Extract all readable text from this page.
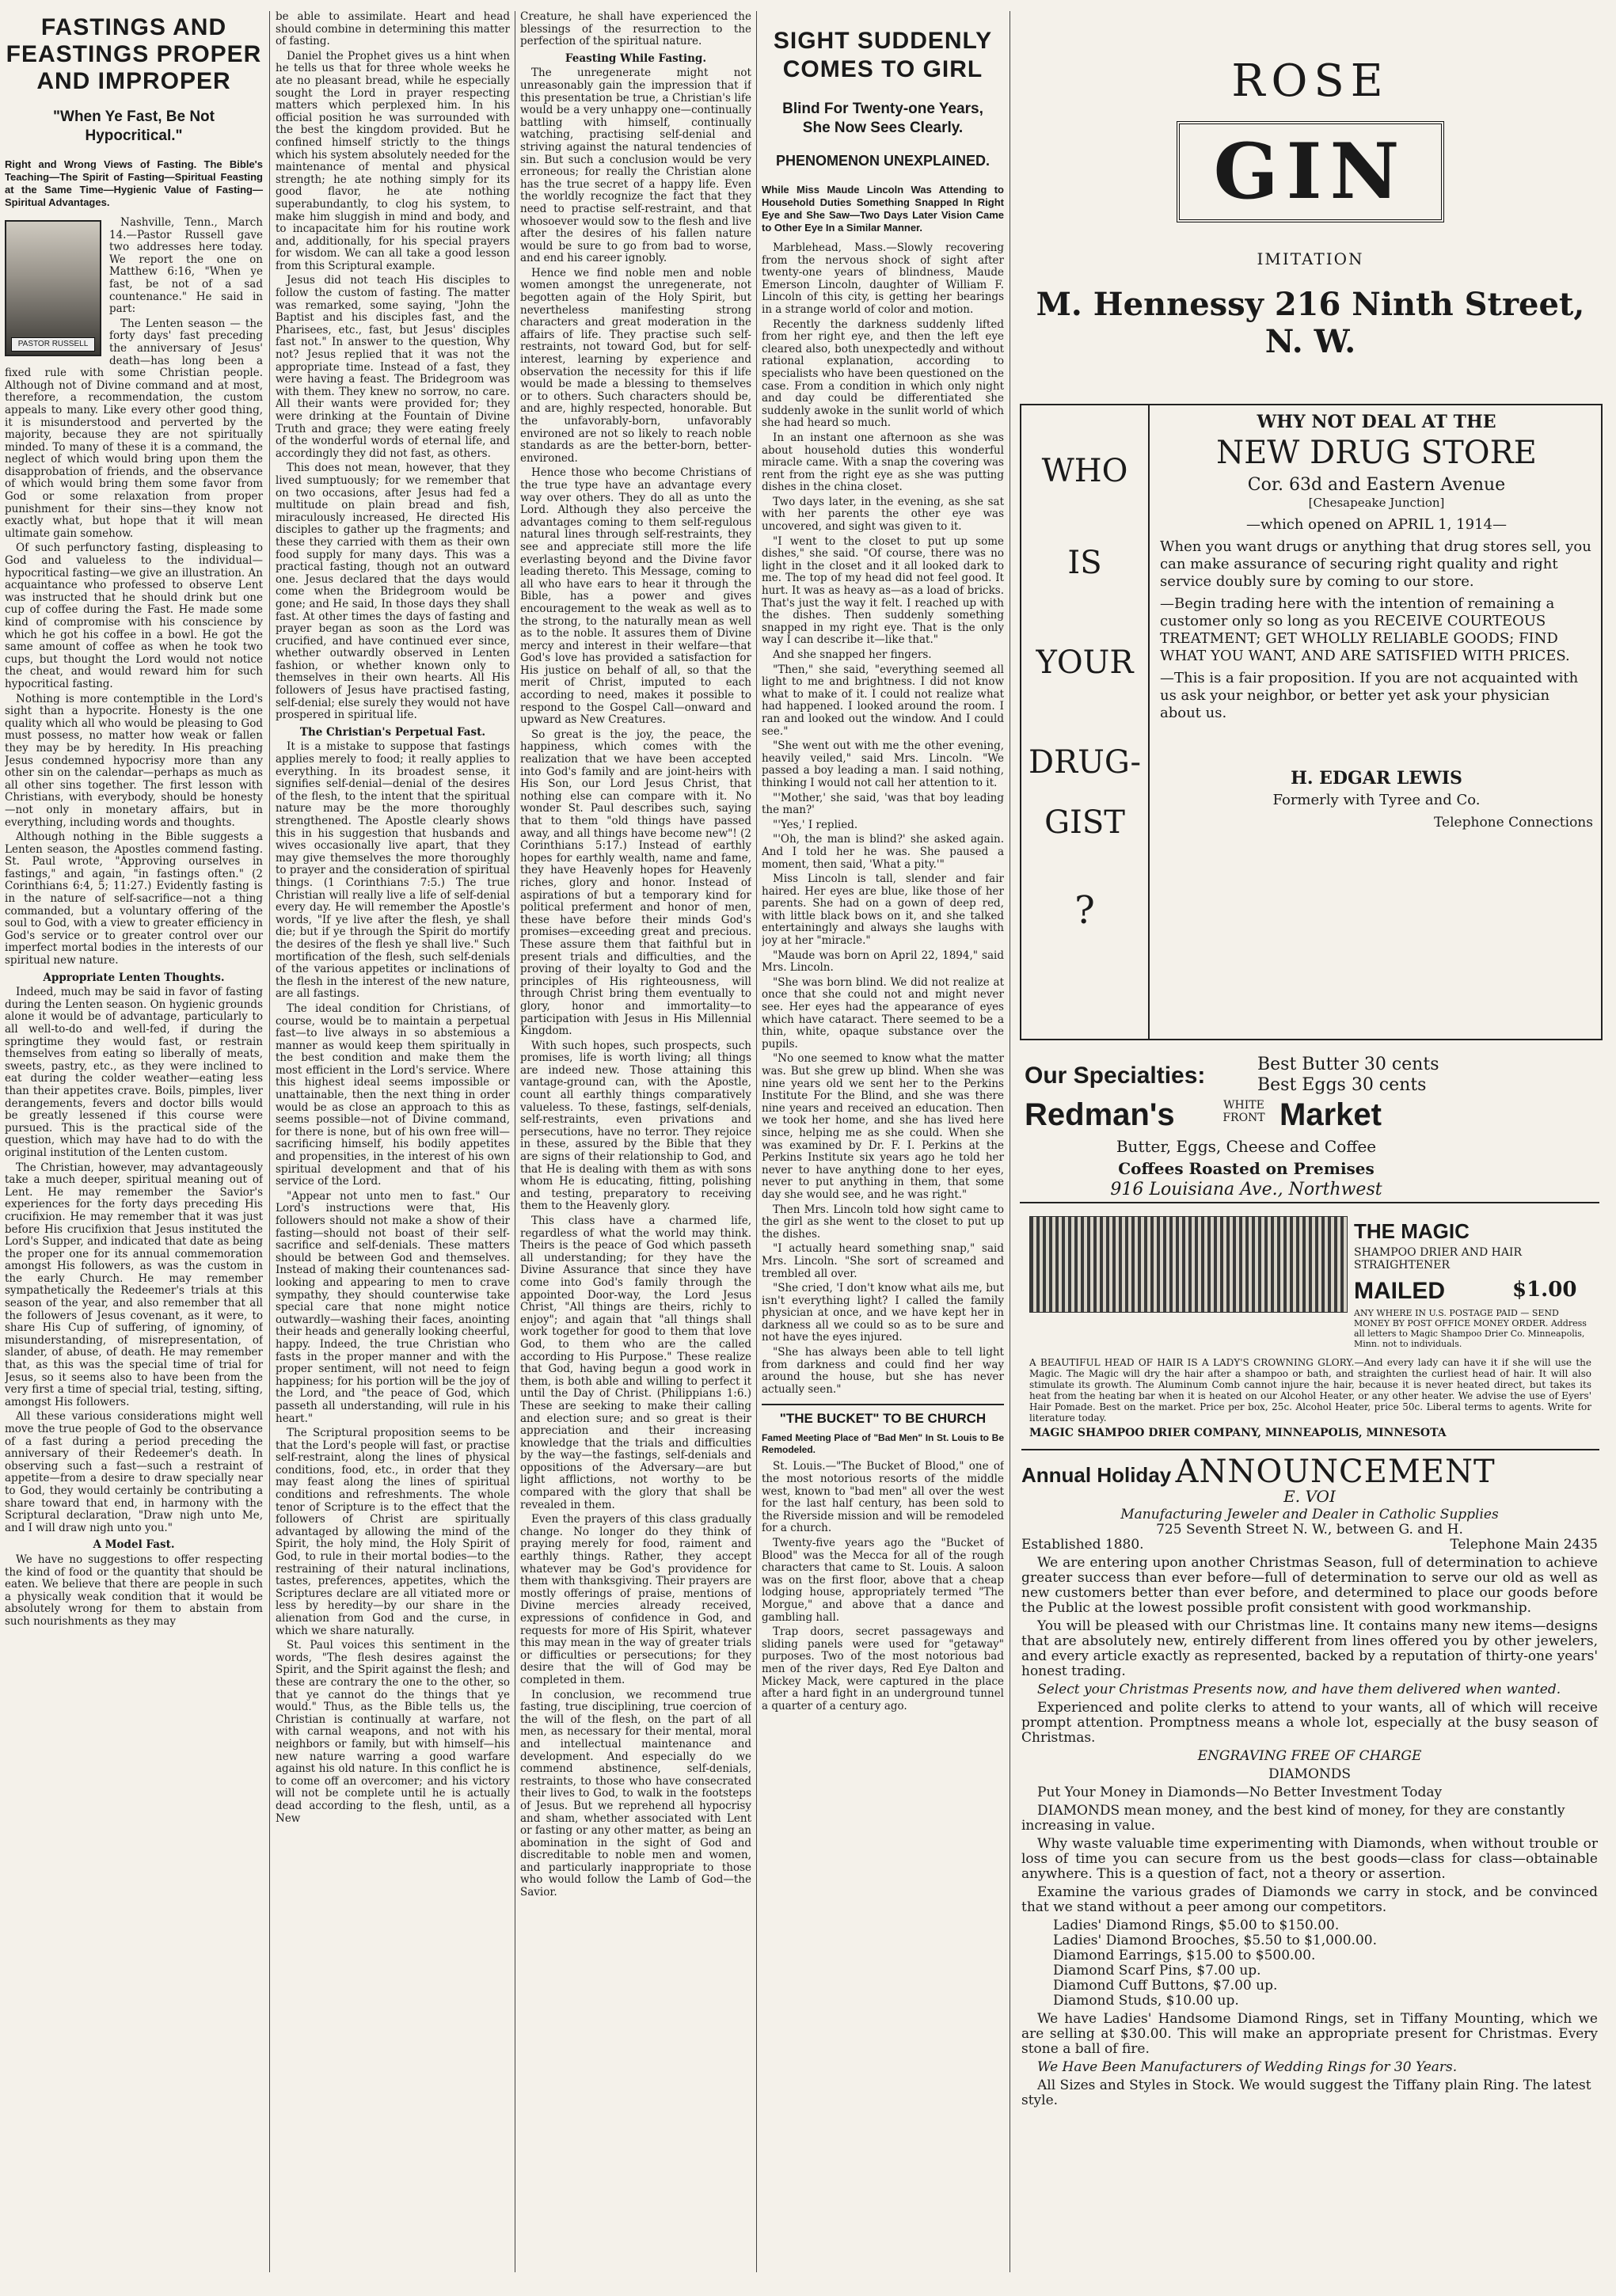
FASTINGS AND FEASTINGS PROPER AND IMPROPER
"When Ye Fast, Be Not Hypocritical."
Right and Wrong Views of Fasting. The Bible's Teaching—The Spirit of Fasting—Spiritual Feasting at the Same Time—Hygienic Value of Fasting—Spiritual Advantages.
PASTOR RUSSELL

Nashville, Tenn., March 14.—Pastor Russell gave two addresses here today. We report the one on Matthew 6:16, "When ye fast, be not of a sad countenance." He said in part:

The Lenten season — the forty days' fast preceding the anniversary of Jesus' death—has long been a fixed rule with some Christian people. Although not of Divine command and at most, therefore, a recommendation, the custom appeals to many. Like every other good thing, it is misunderstood and perverted by the majority, because they are not spiritually minded. To many of these it is a command, the neglect of which would bring upon them the disapprobation of friends, and the observance of which would bring them some favor from God or some relaxation from proper punishment for their sins—they know not exactly what, but hope that it will mean ultimate gain somehow.

Of such perfunctory fasting, displeasing to God and valueless to the individual—hypocritical fasting—we give an illustration. An acquaintance who professed to observe Lent was instructed that he should drink but one cup of coffee during the Fast. He made some kind of compromise with his conscience by which he got his coffee in a bowl. He got the same amount of coffee as when he took two cups, but thought the Lord would not notice the cheat, and would reward him for such hypocritical fasting.

Nothing is more contemptible in the Lord's sight than a hypocrite. Honesty is the one quality which all who would be pleasing to God must possess, no matter how weak or fallen they may be by heredity. In His preaching Jesus condemned hypocrisy more than any other sin on the calendar—perhaps as much as all other sins together. The first lesson with Christians, with everybody, should be honesty—not only in monetary affairs, but in everything, including words and thoughts.

Although nothing in the Bible suggests a Lenten season, the Apostles commend fasting. St. Paul wrote, "Approving ourselves in fastings," and again, "in fastings often." (2 Corinthians 6:4, 5; 11:27.) Evidently fasting is in the nature of self-sacrifice—not a thing commanded, but a voluntary offering of the soul to God, with a view to greater efficiency in God's service or to greater control over our imperfect mortal bodies in the interests of our spiritual new nature.

Appropriate Lenten Thoughts.

Indeed, much may be said in favor of fasting during the Lenten season. On hygienic grounds alone it would be of advantage, particularly to all well-to-do and well-fed, if during the springtime they would fast, or restrain themselves from eating so liberally of meats, sweets, pastry, etc., as they were inclined to eat during the colder weather—eating less than their appetites crave. Boils, pimples, liver derangements, fevers and doctor bills would be greatly lessened if this course were pursued. This is the practical side of the question, which may have had to do with the original institution of the Lenten custom.

The Christian, however, may advantageously take a much deeper, spiritual meaning out of Lent. He may remember the Savior's experiences for the forty days preceding His crucifixion. He may remember that it was just before His crucifixion that Jesus instituted the Lord's Supper, and indicated that date as being the proper one for its annual commemoration amongst His followers, as was the custom in the early Church. He may remember sympathetically the Redeemer's trials at this season of the year, and also remember that all the followers of Jesus covenant, as it were, to share His Cup of suffering, of ignominy, of misunderstanding, of misrepresentation, of slander, of abuse, of death. He may remember that, as this was the special time of trial for Jesus, so it seems also to have been from the very first a time of special trial, testing, sifting, amongst His followers.

All these various considerations might well move the true people of God to the observance of a fast during a period preceding the anniversary of their Redeemer's death. In observing such a fast—such a restraint of appetite—from a desire to draw specially near to God, they would certainly be contributing a share toward that end, in harmony with the Scriptural declaration, "Draw nigh unto Me, and I will draw nigh unto you."

A Model Fast.

We have no suggestions to offer respecting the kind of food or the quantity that should be eaten. We believe that there are people in such a physically weak condition that it would be absolutely wrong for them to abstain from such nourishments as they may

be able to assimilate. Heart and head should combine in determining this matter of fasting.

Daniel the Prophet gives us a hint when he tells us that for three whole weeks he ate no pleasant bread, while he especially sought the Lord in prayer respecting matters which perplexed him. In his official position he was surrounded with the best the kingdom provided. But he confined himself strictly to the things which his system absolutely needed for the maintenance of mental and physical strength; he ate nothing simply for its good flavor, he ate nothing superabundantly, to clog his system, to make him sluggish in mind and body, and to incapacitate him for his routine work and, additionally, for his special prayers for wisdom. We can all take a good lesson from this Scriptural example.

Jesus did not teach His disciples to follow the custom of fasting. The matter was remarked, some saying, "John the Baptist and his disciples fast, and the Pharisees, etc., fast, but Jesus' disciples fast not." In answer to the question, Why not? Jesus replied that it was not the appropriate time. Instead of a fast, they were having a feast. The Bridegroom was with them. They knew no sorrow, no care. All their wants were provided for; they were drinking at the Fountain of Divine Truth and grace; they were eating freely of the wonderful words of eternal life, and accordingly they did not fast, as others.

This does not mean, however, that they lived sumptuously; for we remember that on two occasions, after Jesus had fed a multitude on plain bread and fish, miraculously increased, He directed His disciples to gather up the fragments; and these they carried with them as their own food supply for many days. This was a practical fasting, though not an outward one. Jesus declared that the days would come when the Bridegroom would be gone; and He said, In those days they shall fast. At other times the days of fasting and prayer began as soon as the Lord was crucified, and have continued ever since, whether outwardly observed in Lenten fashion, or whether known only to themselves in their own hearts. All His followers of Jesus have practised fasting, self-denial; else surely they would not have prospered in spiritual life.

The Christian's Perpetual Fast.

It is a mistake to suppose that fastings applies merely to food; it really applies to everything. In its broadest sense, it signifies self-denial—denial of the desires of the flesh, to the intent that the spiritual nature may be the more thoroughly strengthened. The Apostle clearly shows this in his suggestion that husbands and wives occasionally live apart, that they may give themselves the more thoroughly to prayer and the consideration of spiritual things. (1 Corinthians 7:5.) The true Christian will really live a life of self-denial every day. He will remember the Apostle's words, "If ye live after the flesh, ye shall die; but if ye through the Spirit do mortify the desires of the flesh ye shall live." Such mortification of the flesh, such self-denials of the various appetites or inclinations of the flesh in the interest of the new nature, are all fastings.

The ideal condition for Christians, of course, would be to maintain a perpetual fast—to live always in so abstemious a manner as would keep them spiritually in the best condition and make them the most efficient in the Lord's service. Where this highest ideal seems impossible or unattainable, then the next thing in order would be as close an approach to this as seems possible—not of Divine command, for there is none, but of his own free will—sacrificing himself, his bodily appetites and propensities, in the interest of his own spiritual development and that of his service of the Lord.

"Appear not unto men to fast." Our Lord's instructions were that, His followers should not make a show of their fasting—should not boast of their self-sacrifice and self-denials. These matters should be between God and themselves. Instead of making their countenances sad-looking and appearing to men to crave sympathy, they should counterwise take special care that none might notice outwardly—washing their faces, anointing their heads and generally looking cheerful, happy. Indeed, the true Christian who fasts in the proper manner and with the proper sentiment, will not need to feign happiness; for his portion will be the joy of the Lord, and "the peace of God, which passeth all understanding, will rule in his heart."

The Scriptural proposition seems to be that the Lord's people will fast, or practise self-restraint, along the lines of physical conditions, food, etc., in order that they may feast along the lines of spiritual conditions and refreshments. The whole tenor of Scripture is to the effect that the followers of Christ are spiritually advantaged by allowing the mind of the Spirit, the holy mind, the Holy Spirit of God, to rule in their mortal bodies—to the restraining of their natural inclinations, tastes, preferences, appetites, which the Scriptures declare are all vitiated more or less by heredity—by our share in the alienation from God and the curse, in which we share naturally.

St. Paul voices this sentiment in the words, "The flesh desires against the Spirit, and the Spirit against the flesh; and these are contrary the one to the other, so that ye cannot do the things that ye would." Thus, as the Bible tells us, the Christian is continually at warfare, not with carnal weapons, and not with his neighbors or family, but with himself—his new nature warring a good warfare against his old nature. In this conflict he is to come off an overcomer; and his victory will not be complete until he is actually dead according to the flesh, until, as a New

Creature, he shall have experienced the blessings of the resurrection to the perfection of the spiritual nature.

Feasting While Fasting.

The unregenerate might not unreasonably gain the impression that if this presentation be true, a Christian's life would be a very unhappy one—continually battling with himself, continually watching, practising self-denial and striving against the natural tendencies of sin. But such a conclusion would be very erroneous; for really the Christian alone has the true secret of a happy life. Even the worldly recognize the fact that they need to practise self-restraint, and that whosoever would sow to the flesh and live after the desires of his fallen nature would be sure to go from bad to worse, and end his career ignobly.

Hence we find noble men and noble women amongst the unregenerate, not begotten again of the Holy Spirit, but nevertheless manifesting strong characters and great moderation in the affairs of life. They practise such self-restraints, not toward God, but for self-interest, learning by experience and observation the necessity for this if life would be made a blessing to themselves or to others. Such characters should be, and are, highly respected, honorable. But the unfavorably-born, unfavorably environed are not so likely to reach noble standards as are the better-born, better-environed.

Hence those who become Christians of the true type have an advantage every way over others. They do all as unto the Lord. Although they also perceive the advantages coming to them self-regulous natural lines through self-restraints, they see and appreciate still more the life everlasting beyond and the Divine favor leading thereto. This Message, coming to all who have ears to hear it through the Bible, has a power and gives encouragement to the weak as well as to the strong, to the naturally mean as well as to the noble. It assures them of Divine mercy and interest in their welfare—that God's love has provided a satisfaction for His justice on behalf of all, so that the merit of Christ, imputed to each according to need, makes it possible to respond to the Gospel Call—onward and upward as New Creatures.

So great is the joy, the peace, the happiness, which comes with the realization that we have been accepted into God's family and are joint-heirs with His Son, our Lord Jesus Christ, that nothing else can compare with it. No wonder St. Paul describes such, saying that to them "old things have passed away, and all things have become new"! (2 Corinthians 5:17.) Instead of earthly hopes for earthly wealth, name and fame, they have Heavenly hopes for Heavenly riches, glory and honor. Instead of aspirations of but a temporary kind for political preferment and honor of men, these have before their minds God's promises—exceeding great and precious. These assure them that faithful but in present trials and difficulties, and the proving of their loyalty to God and the principles of His righteousness, will through Christ bring them eventually to glory, honor and immortality—to participation with Jesus in His Millennial Kingdom.

With such hopes, such prospects, such promises, life is worth living; all things are indeed new. Those attaining this vantage-ground can, with the Apostle, count all earthly things comparatively valueless. To these, fastings, self-denials, self-restraints, even privations and persecutions, have no terror. They rejoice in these, assured by the Bible that they are signs of their relationship to God, and that He is dealing with them as with sons whom He is educating, fitting, polishing and testing, preparatory to receiving them to the Heavenly glory.

This class have a charmed life, regardless of what the world may think. Theirs is the peace of God which passeth all understanding; for they have the Divine Assurance that since they have come into God's family through the appointed Door-way, the Lord Jesus Christ, "All things are theirs, richly to enjoy"; and again that "all things shall work together for good to them that love God, to them who are the called according to His Purpose." These realize that God, having begun a good work in them, is both able and willing to perfect it until the Day of Christ. (Philippians 1:6.) These are seeking to make their calling and election sure; and so great is their appreciation and their increasing knowledge that the trials and difficulties by the way—the fastings, self-denials and oppositions of the Adversary—are but light afflictions, not worthy to be compared with the glory that shall be revealed in them.

Even the prayers of this class gradually change. No longer do they think of praying merely for food, raiment and earthly things. Rather, they accept whatever may be God's providence for them with thanksgiving. Their prayers are mostly offerings of praise, mentions of Divine mercies already received, expressions of confidence in God, and requests for more of His Spirit, whatever this may mean in the way of greater trials or difficulties or persecutions; for they desire that the will of God may be completed in them.

In conclusion, we recommend true fasting, true disciplining, true coercion of the will of the flesh, on the part of all men, as necessary for their mental, moral and intellectual maintenance and development. And especially do we commend abstinence, self-denials, restraints, to those who have consecrated their lives to God, to walk in the footsteps of Jesus. But we reprehend all hypocrisy and sham, whether associated with Lent or fasting or any other matter, as being an abomination in the sight of God and discreditable to noble men and women, and particularly inappropriate to those who would follow the Lamb of God—the Savior.

SIGHT SUDDENLY COMES TO GIRL
Blind For Twenty-one Years, She Now Sees Clearly.
PHENOMENON UNEXPLAINED.
While Miss Maude Lincoln Was Attending to Household Duties Something Snapped In Right Eye and She Saw—Two Days Later Vision Came to Other Eye In a Similar Manner.

Marblehead, Mass.—Slowly recovering from the nervous shock of sight after twenty-one years of blindness, Maude Emerson Lincoln, daughter of William F. Lincoln of this city, is getting her bearings in a strange world of color and motion.

Recently the darkness suddenly lifted from her right eye, and then the left eye cleared also, both unexpectedly and without rational explanation, according to specialists who have been questioned on the case. From a condition in which only night and day could be differentiated she suddenly awoke in the sunlit world of which she had heard so much.

In an instant one afternoon as she was about household duties this wonderful miracle came. With a snap the covering was rent from the right eye as she was putting dishes in the china closet.

Two days later, in the evening, as she sat with her parents the other eye was uncovered, and sight was given to it.

"I went to the closet to put up some dishes," she said. "Of course, there was no light in the closet and it all looked dark to me. The top of my head did not feel good. It hurt. It was as heavy as—as a load of bricks. That's just the way it felt. I reached up with the dishes. Then suddenly something snapped in my right eye. That is the only way I can describe it—like that."

And she snapped her fingers.

"Then," she said, "everything seemed all light to me and brightness. I did not know what to make of it. I could not realize what had happened. I looked around the room. I ran and looked out the window. And I could see."

"She went out with me the other evening, heavily veiled," said Mrs. Lincoln. "We passed a boy leading a man. I said nothing, thinking I would not call her attention to it.

"'Mother,' she said, 'was that boy leading the man?'

"'Yes,' I replied.

"'Oh, the man is blind?' she asked again. And I told her he was. She paused a moment, then said, 'What a pity.'"

Miss Lincoln is tall, slender and fair haired. Her eyes are blue, like those of her parents. She had on a gown of deep red, with little black bows on it, and she talked entertainingly and always she laughs with joy at her "miracle."

"Maude was born on April 22, 1894," said Mrs. Lincoln.

"She was born blind. We did not realize at once that she could not and might never see. Her eyes had the appearance of eyes which have cataract. There seemed to be a thin, white, opaque substance over the pupils.

"No one seemed to know what the matter was. But she grew up blind. When she was nine years old we sent her to the Perkins Institute For the Blind, and she was there nine years and received an education. Then we took her home, and she has lived here since, helping me as she could. When she was examined by Dr. F. I. Perkins at the Perkins Institute six years ago he told her never to have anything done to her eyes, never to put anything in them, that some day she would see, and he was right."

Then Mrs. Lincoln told how sight came to the girl as she went to the closet to put up the dishes.

"I actually heard something snap," said Mrs. Lincoln. "She sort of screamed and trembled all over.

"She cried, 'I don't know what ails me, but isn't everything light? I called the family physician at once, and we have kept her in darkness all we could so as to be sure and not have the eyes injured.

"She has always been able to tell light from darkness and could find her way around the house, but she has never actually seen."

"THE BUCKET" TO BE CHURCH
Famed Meeting Place of "Bad Men" In St. Louis to Be Remodeled.

St. Louis.—"The Bucket of Blood," one of the most notorious resorts of the middle west, known to "bad men" all over the west for the last half century, has been sold to the Riverside mission and will be remodeled for a church.

Twenty-five years ago the "Bucket of Blood" was the Mecca for all of the rough characters that came to St. Louis. A saloon was on the first floor, above that a cheap lodging house, appropriately termed "The Morgue," and above that a dance and gambling hall.

Trap doors, secret passageways and sliding panels were used for "getaway" purposes. Two of the most notorious bad men of the river days, Red Eye Dalton and Mickey Mack, were captured in the place after a hard fight in an underground tunnel a quarter of a century ago.

ROSE
GIN
IMITATION
M. Hennessy 216 Ninth Street, N. W.
WHO
IS
YOUR
DRUG-
GIST
?
WHY NOT DEAL AT THE
NEW DRUG STORE
Cor. 63d and Eastern Avenue
[Chesapeake Junction]
—which opened on APRIL 1, 1914—

When you want drugs or anything that drug stores sell, you can make assurance of securing right quality and right service doubly sure by coming to our store.

—Begin trading here with the intention of remaining a customer only so long as you RECEIVE COURTEOUS TREATMENT; GET WHOLLY RELIABLE GOODS; FIND WHAT YOU WANT, AND ARE SATISFIED WITH PRICES.

—This is a fair proposition. If you are not acquainted with us ask your neighbor, or better yet ask your physician about us.

H. EDGAR LEWIS
Formerly with Tyree and Co.
Telephone Connections
Our Specialties:	Best Butter 30 cents
Best Eggs 30 cents
Redman's	WHITE
FRONT Market
Butter, Eggs, Cheese and Coffee
Coffees Roasted on Premises
916 Louisiana Ave., Northwest
THE MAGIC
SHAMPOO DRIER AND HAIR STRAIGHTENER
MAILED	$1.00
ANY WHERE IN U.S. POSTAGE PAID — SEND MONEY BY POST OFFICE MONEY ORDER. Address all letters to Magic Shampoo Drier Co. Minneapolis, Minn. not to individuals.
A BEAUTIFUL HEAD OF HAIR IS A LADY'S CROWNING GLORY.—And every lady can have it if she will use the Magic. The Magic will dry the hair after a shampoo or bath, and straighten the curliest head of hair. It will also stimulate its growth. The Aluminum Comb cannot injure the hair, because it is never heated direct, but takes its heat from the heating bar when it is heated on our Alcohol Heater, or any other heater. We advise the use of Eyers' Hair Pomade. Best on the market. Price per box, 25c. Alcohol Heater, price 50c. Liberal terms to agents. Write for literature today.
MAGIC SHAMPOO DRIER COMPANY, MINNEAPOLIS, MINNESOTA
Annual Holiday ANNOUNCEMENT
E. VOI
Manufacturing Jeweler and Dealer in Catholic Supplies
725 Seventh Street N. W., between G. and H.
Established 1880.	Telephone Main 2435

We are entering upon another Christmas Season, full of determination to achieve greater success than ever before—full of determination to serve our old as well as new customers better than ever before, and determined to place our goods before the Public at the lowest possible profit consistent with good workmanship.

You will be pleased with our Christmas line. It contains many new items—designs that are absolutely new, entirely different from lines offered you by other jewelers, and every article exactly as represented, backed by a reputation of thirty-one years' honest trading.

Select your Christmas Presents now, and have them delivered when wanted.

Experienced and polite clerks to attend to your wants, all of which will receive prompt attention. Promptness means a whole lot, especially at the busy season of Christmas.

ENGRAVING FREE OF CHARGE
DIAMONDS

Put Your Money in Diamonds—No Better Investment Today

DIAMONDS mean money, and the best kind of money, for they are constantly increasing in value.

Why waste valuable time experimenting with Diamonds, when without trouble or loss of time you can secure from us the best goods—class for class—obtainable anywhere. This is a question of fact, not a theory or assertion.

Examine the various grades of Diamonds we carry in stock, and be convinced that we stand without a peer among our competitors.

Ladies' Diamond Rings, $5.00 to $150.00.
Ladies' Diamond Brooches, $5.50 to $1,000.00.
Diamond Earrings, $15.00 to $500.00.
Diamond Scarf Pins, $7.00 up.
Diamond Cuff Buttons, $7.00 up.
Diamond Studs, $10.00 up.

We have Ladies' Handsome Diamond Rings, set in Tiffany Mounting, which we are selling at $30.00. This will make an appropriate present for Christmas. Every stone a ball of fire.

We Have Been Manufacturers of Wedding Rings for 30 Years.

All Sizes and Styles in Stock. We would suggest the Tiffany plain Ring. The latest style.
